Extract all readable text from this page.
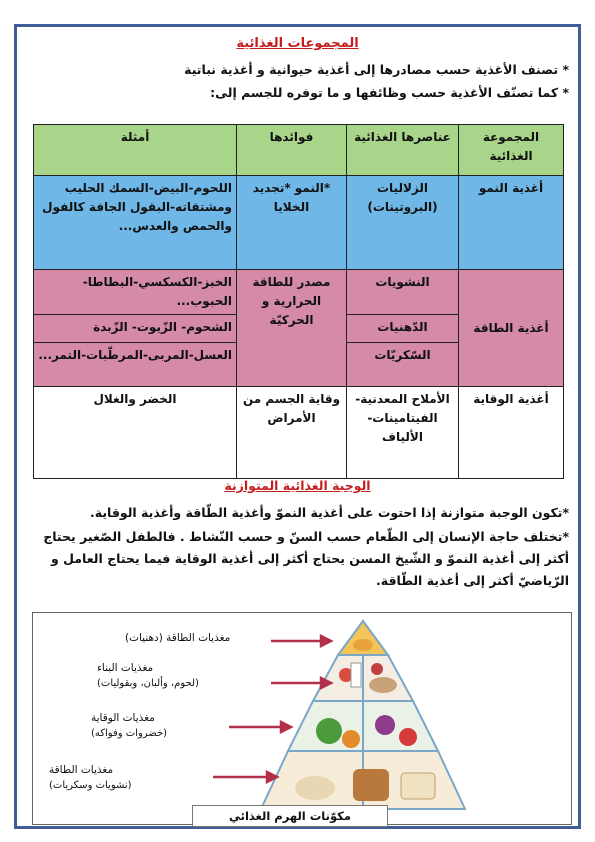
المجموعات الغذائية
* تصنف الأغذية حسب مصادرها إلى أغذية حيوانية و أغذية نباتية
* كما تصنّف الأغذية حسب وظائفها و ما توفره للجسم إلى:
المجموعة الغذائية	عناصرها الغذائية	فوائدها	أمثلة
أغذية النمو	الزلاليات (البروتينات)	*النمو *تجديد الخلايا	اللحوم-البيض-السمك الحليب ومشتقاته-البقول الجافة كالفول والحمص والعدس...
أغذية الطاقة	النشويات	مصدر للطاقة الحرارية و الحركيّة	الخبز-الكسكسي-البطاطا-الحبوب...
	الدّهنيات		الشحوم- الزّيوت- الزّبدة
	السّكريّات		العسل-المربى-المرطّبات-التمر...
أغذية الوقاية	الأملاح المعدنية- الفيتامينات- الألياف	وقاية الجسم من الأمراض	الخضر والغلال
الوجبة الغذائية المتوازنة
*تكون الوجبة متوازنة إذا احتوت على أغذية النموّ وأغذية الطّاقة وأغذية الوقاية.
*تختلف حاجة الإنسان إلى الطّعام حسب السنّ و حسب النّشاط . فالطفل الصّغير يحتاج أكثر إلى أغذية النموّ و الشّيخ المسن يحتاج أكثر إلى أغذية الوقاية فيما يحتاج العامل و الرّياضيّ أكثر إلى أغذية الطّاقة.
مغذيات الطاقة (دهنيات)
مغذيات البناء
(لحوم، وألبان، وبقوليات)
مغذيات الوقاية
(خضروات وفواكه)
مغذيات الطاقة
(نشويات وسكريات)
مكوّنات الهرم الغذائي
